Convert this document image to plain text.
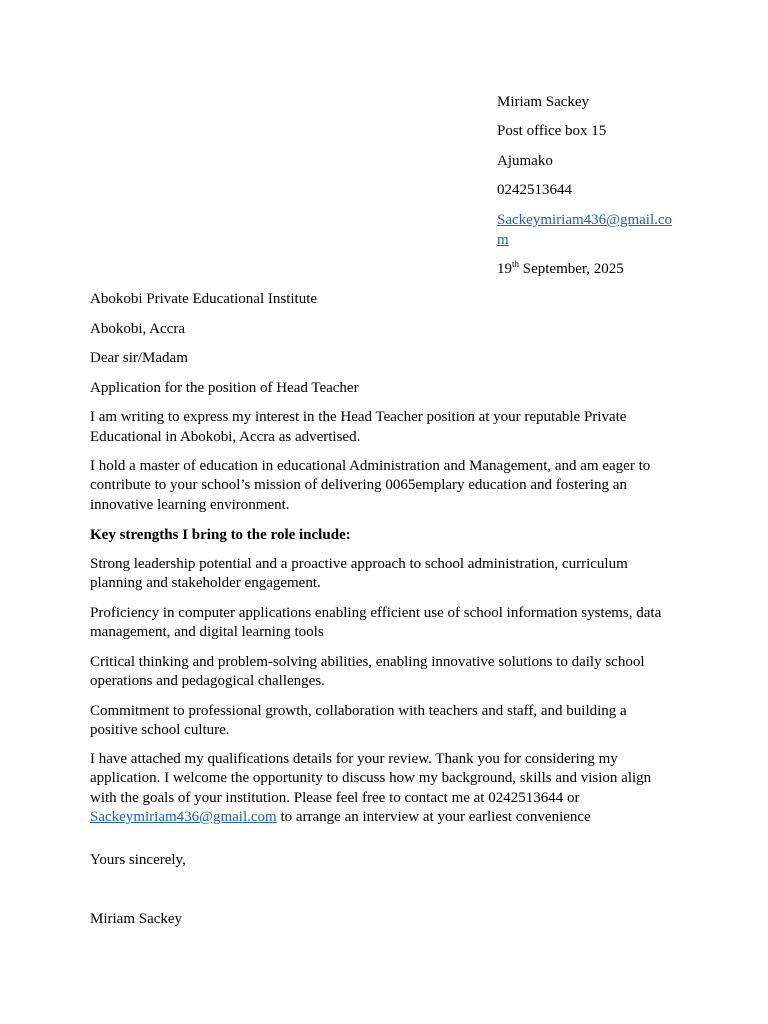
Miriam Sackey
Post office box 15
Ajumako
0242513644
Sackeymiriam436@gmail.co
m
19th September, 2025
Abokobi Private Educational Institute
Abokobi, Accra
Dear sir/Madam
Application for the position of Head Teacher
I am writing to express my interest in the Head Teacher position at your reputable Private
Educational in Abokobi, Accra as advertised.
I hold a master of education in educational Administration and Management, and am eager to
contribute to your school’s mission of delivering 0065emplary education and fostering an
innovative learning environment.
Key strengths I bring to the role include:
Strong leadership potential and a proactive approach to school administration, curriculum
planning and stakeholder engagement.
Proficiency in computer applications enabling efficient use of school information systems, data
management, and digital learning tools
Critical thinking and problem-solving abilities, enabling innovative solutions to daily school
operations and pedagogical challenges.
Commitment to professional growth, collaboration with teachers and staff, and building a
positive school culture.
I have attached my qualifications details for your review. Thank you for considering my
application. I welcome the opportunity to discuss how my background, skills and vision align
with the goals of your institution. Please feel free to contact me at 0242513644 or
Sackeymiriam436@gmail.com to arrange an interview at your earliest convenience
Yours sincerely,
Miriam Sackey
